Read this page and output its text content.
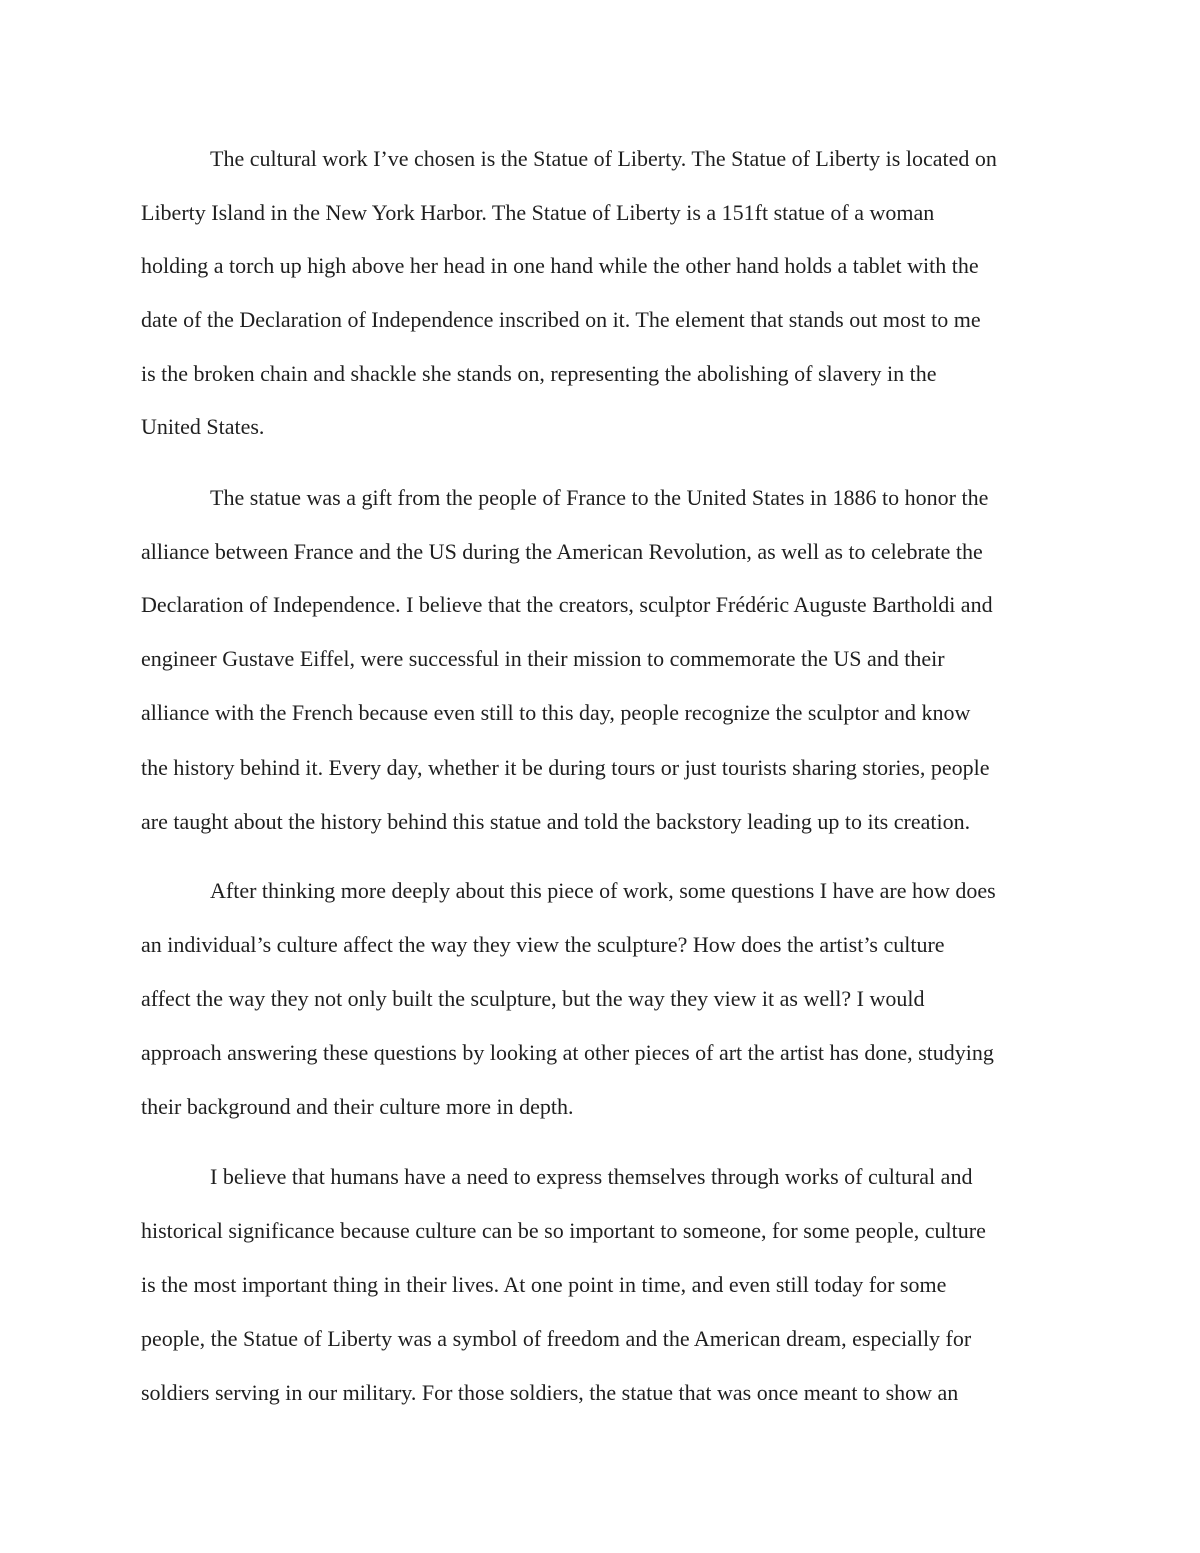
The cultural work I’ve chosen is the Statue of Liberty. The Statue of Liberty is located on
Liberty Island in the New York Harbor. The Statue of Liberty is a 151ft statue of a woman
holding a torch up high above her head in one hand while the other hand holds a tablet with the
date of the Declaration of Independence inscribed on it. The element that stands out most to me
is the broken chain and shackle she stands on, representing the abolishing of slavery in the
United States.
The statue was a gift from the people of France to the United States in 1886 to honor the
alliance between France and the US during the American Revolution, as well as to celebrate the
Declaration of Independence. I believe that the creators, sculptor Frédéric Auguste Bartholdi and
engineer Gustave Eiffel, were successful in their mission to commemorate the US and their
alliance with the French because even still to this day, people recognize the sculptor and know
the history behind it. Every day, whether it be during tours or just tourists sharing stories, people
are taught about the history behind this statue and told the backstory leading up to its creation.
After thinking more deeply about this piece of work, some questions I have are how does
an individual’s culture affect the way they view the sculpture? How does the artist’s culture
affect the way they not only built the sculpture, but the way they view it as well? I would
approach answering these questions by looking at other pieces of art the artist has done, studying
their background and their culture more in depth.
I believe that humans have a need to express themselves through works of cultural and
historical significance because culture can be so important to someone, for some people, culture
is the most important thing in their lives. At one point in time, and even still today for some
people, the Statue of Liberty was a symbol of freedom and the American dream, especially for
soldiers serving in our military. For those soldiers, the statue that was once meant to show an
